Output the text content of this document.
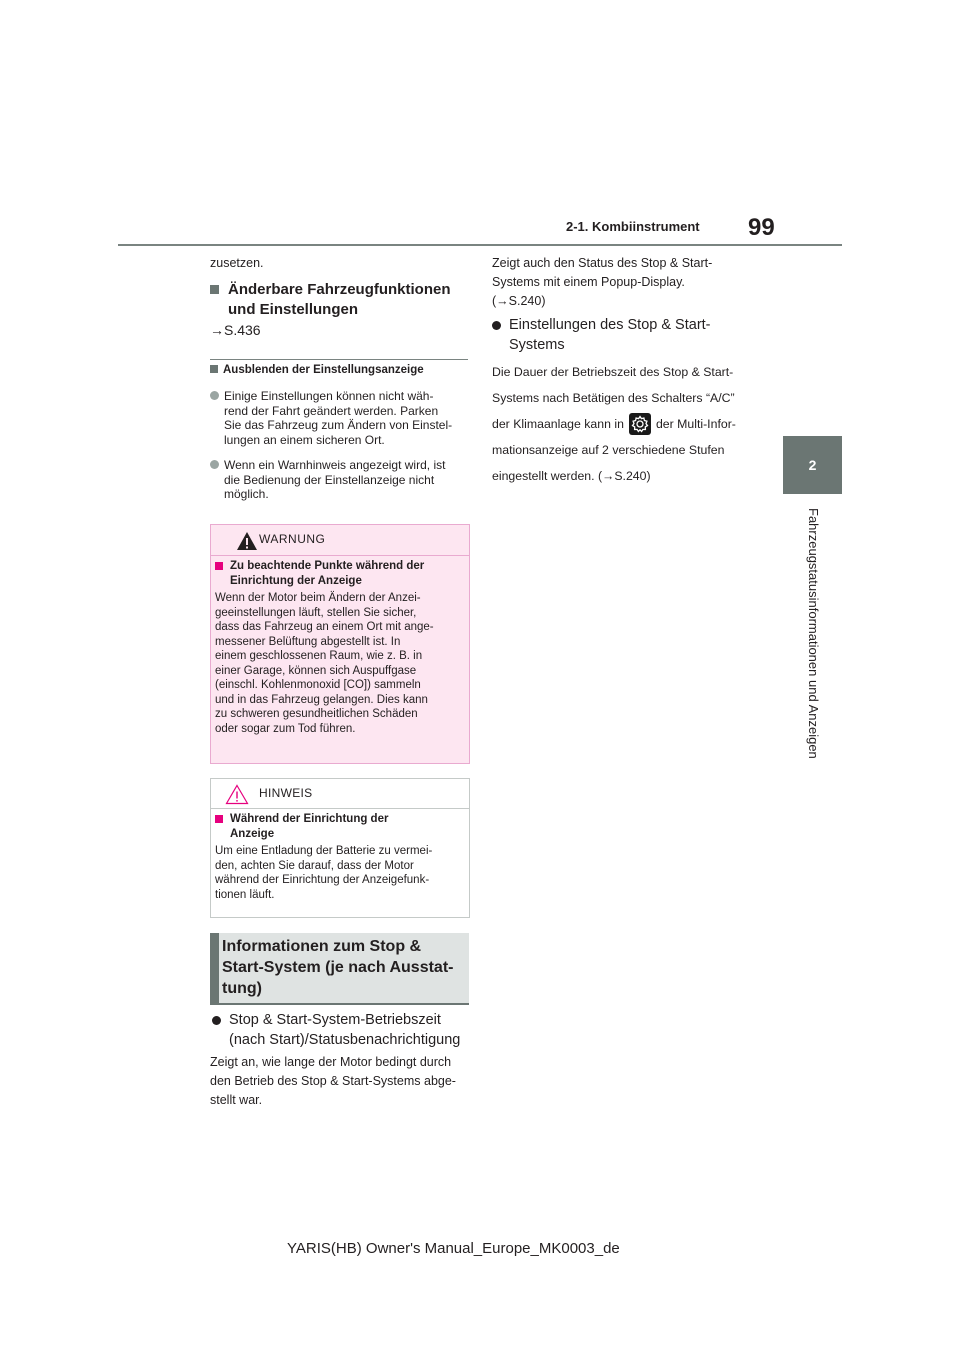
2-1. Kombiinstrument 99
2
Fahrzeugstatusinformationen und Anzeigen
zusetzen.
Änderbare Fahrzeugfunktionen
und Einstellungen
→S.436
Ausblenden der Einstellungsanzeige
Einige Einstellungen können nicht wäh-
rend der Fahrt geändert werden. Parken
Sie das Fahrzeug zum Ändern von Einstel-
lungen an einem sicheren Ort.
Wenn ein Warnhinweis angezeigt wird, ist
die Bedienung der Einstellanzeige nicht
möglich.
WARNUNG
Zu beachtende Punkte während der
Einrichtung der Anzeige
Wenn der Motor beim Ändern der Anzei-
geeinstellungen läuft, stellen Sie sicher,
dass das Fahrzeug an einem Ort mit ange-
messener Belüftung abgestellt ist. In
einem geschlossenen Raum, wie z. B. in
einer Garage, können sich Auspuffgase
(einschl. Kohlenmonoxid [CO]) sammeln
und in das Fahrzeug gelangen. Dies kann
zu schweren gesundheitlichen Schäden
oder sogar zum Tod führen.
HINWEIS
Während der Einrichtung der
Anzeige
Um eine Entladung der Batterie zu vermei-
den, achten Sie darauf, dass der Motor
während der Einrichtung der Anzeigefunk-
tionen läuft.
Informationen zum Stop &
Start-System (je nach Ausstat-
tung)
Stop & Start-System-Betriebszeit
(nach Start)/Statusbenachrichtigung
Zeigt an, wie lange der Motor bedingt durch
den Betrieb des Stop & Start-Systems abge-
stellt war.
Zeigt auch den Status des Stop & Start-
Systems mit einem Popup-Display.
(→S.240)
Einstellungen des Stop & Start-
Systems
Die Dauer der Betriebszeit des Stop & Start-
Systems nach Betätigen des Schalters “A/C”
der Klimaanlage kann in	der Multi-Infor-
mationsanzeige auf 2 verschiedene Stufen
eingestellt werden. (→S.240)
YARIS(HB) Owner's Manual_Europe_MK0003_de
